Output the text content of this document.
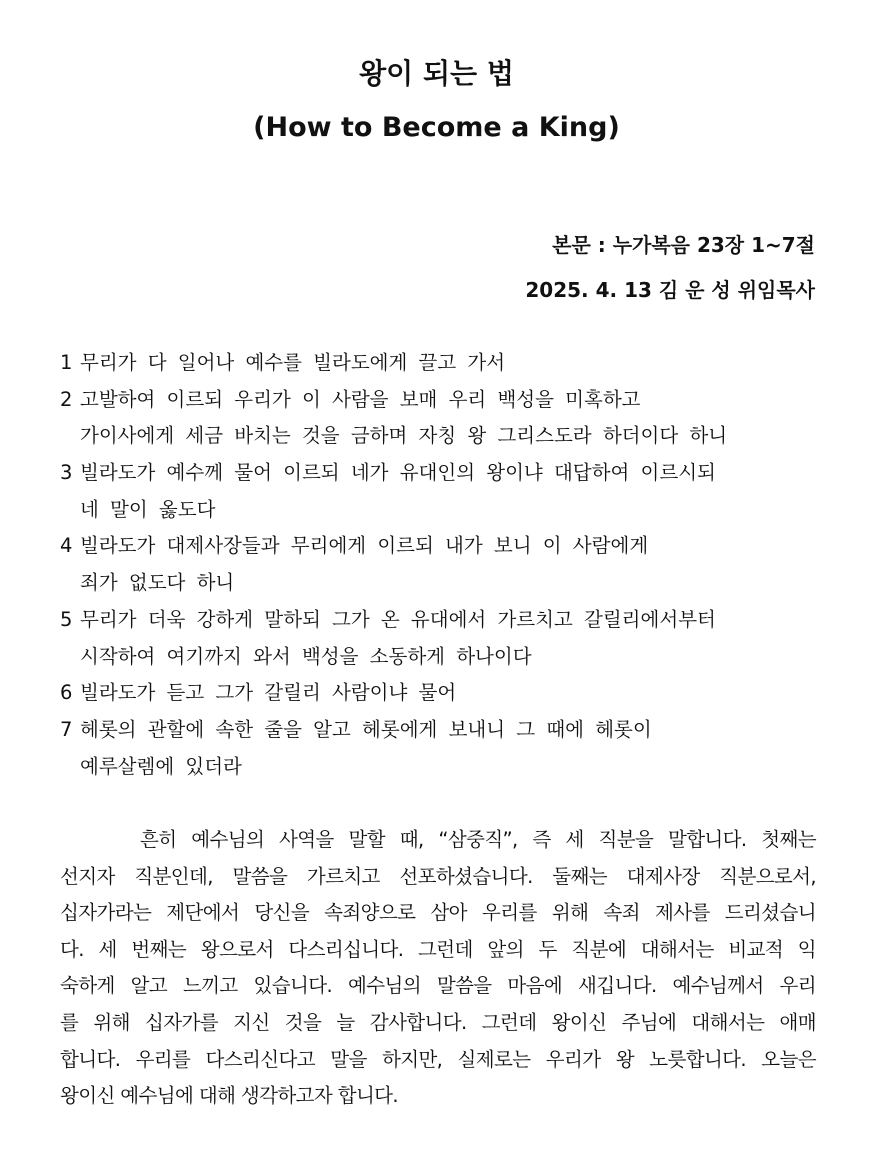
왕이 되는 법
(How to Become a King)
본문 : 누가복음 23장 1~7절
2025. 4. 13 김 운 성 위임목사
1 무리가 다 일어나 예수를 빌라도에게 끌고 가서
2 고발하여 이르되 우리가 이 사람을 보매 우리 백성을 미혹하고
가이사에게 세금 바치는 것을 금하며 자칭 왕 그리스도라 하더이다 하니
3 빌라도가 예수께 물어 이르되 네가 유대인의 왕이냐 대답하여 이르시되
네 말이 옳도다
4 빌라도가 대제사장들과 무리에게 이르되 내가 보니 이 사람에게
죄가 없도다 하니
5 무리가 더욱 강하게 말하되 그가 온 유대에서 가르치고 갈릴리에서부터
시작하여 여기까지 와서 백성을 소동하게 하나이다
6 빌라도가 듣고 그가 갈릴리 사람이냐 물어
7 헤롯의 관할에 속한 줄을 알고 헤롯에게 보내니 그 때에 헤롯이
예루살렘에 있더라
흔히 예수님의 사역을 말할 때, “삼중직”, 즉 세 직분을 말합니다. 첫째는
선지자 직분인데, 말씀을 가르치고 선포하셨습니다. 둘째는 대제사장 직분으로서,
십자가라는 제단에서 당신을 속죄양으로 삼아 우리를 위해 속죄 제사를 드리셨습니
다. 세 번째는 왕으로서 다스리십니다. 그런데 앞의 두 직분에 대해서는 비교적 익
숙하게 알고 느끼고 있습니다. 예수님의 말씀을 마음에 새깁니다. 예수님께서 우리
를 위해 십자가를 지신 것을 늘 감사합니다. 그런데 왕이신 주님에 대해서는 애매
합니다. 우리를 다스리신다고 말을 하지만, 실제로는 우리가 왕 노릇합니다. 오늘은
왕이신 예수님에 대해 생각하고자 합니다.
